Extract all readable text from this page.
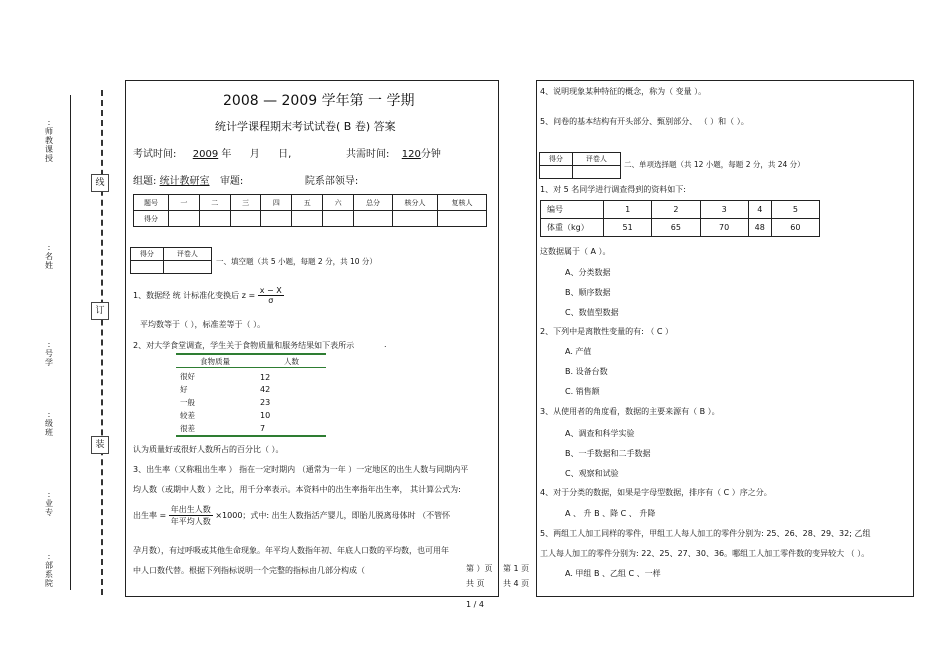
:师教课授
:名姓
:号学
:级班
:业专
:部系院
线
订
装
2008 — 2009 学年第 一 学期
统计学课程期末考试试卷( B 卷) 答案
考试时间: 2009 年 月 日,	共需时间: 120分钟
组题: 统计教研室 审题:	院系部领导:
题号	一	二	三	四	五	六	总分	核分人	复核人
得分									
得分	评卷人

一、填空题（共 5 小题，每题 2 分，共 10 分）
1、数据经 统 计标准化变换后 $z = \frac{x - X}{\sigma}$
平均数等于（ ），标准差等于（ ）。
2、对大学食堂调查，学生关于食物质量和服务结果如下表所示	.
食物质量	人数
很好	12
好	42
一般	23
较差	10
很差	7
认为质量好或很好人数所占的百分比（ ）。
3、出生率（又称粗出生率 ） 指在一定时期内 （通常为一年 ）一定地区的出生人数与同期内平
均人数（或期中人数 ）之比，用千分率表示。本资料中的出生率指年出生率， 其计算公式为:
出生率 = $\frac{\text{年出生人数}}{\text{年平均人数}} \times 1000$；式中: 出生人数指活产婴儿，即胎儿脱离母体时 （不管怀
孕月数），有过呼吸或其他生命现象。年平均人数指年初、年底人口数的平均数，也可用年
中人口数代替。根据下列指标说明一个完整的指标由几部分构成（	第 ）页
共 页
第 1 页
共 4 页
4、说明现象某种特征的概念，称为（ 变量 ）。
5、问卷的基本结构有开头部分、甄别部分、 （ ）和（ ）。
得分	评卷人

二、单项选择题（共 12 小题，每题 2 分，共 24 分）
1、对 5 名同学进行调查得到的资料如下:
编号	1	2	3	4	5
体重（kg）	51	65	70	48	60
这数据属于（ A ）。
A、分类数据
B、顺序数据
C、数值型数据
2、下列中是离散性变量的有: （ C ）
A. 产值
B. 设备台数
C. 销售额
3、从使用者的角度看，数据的主要来源有（ B ）。
A、调查和科学实验
B、一手数据和二手数据
C、观察和试验
4、对于分类的数据，如果是字母型数据，排序有（ C ）序之分。
A 、 升 B 、降 C 、 升降
5、两组工人加工同样的零件，甲组工人每人加工的零件分别为: 25、26、28、29、32; 乙组
工人每人加工的零件分别为: 22、25、27、30、36。哪组工人加工零件数的变异较大 （ ）。
A. 甲组 B 、乙组 C 、一样
1 / 4
